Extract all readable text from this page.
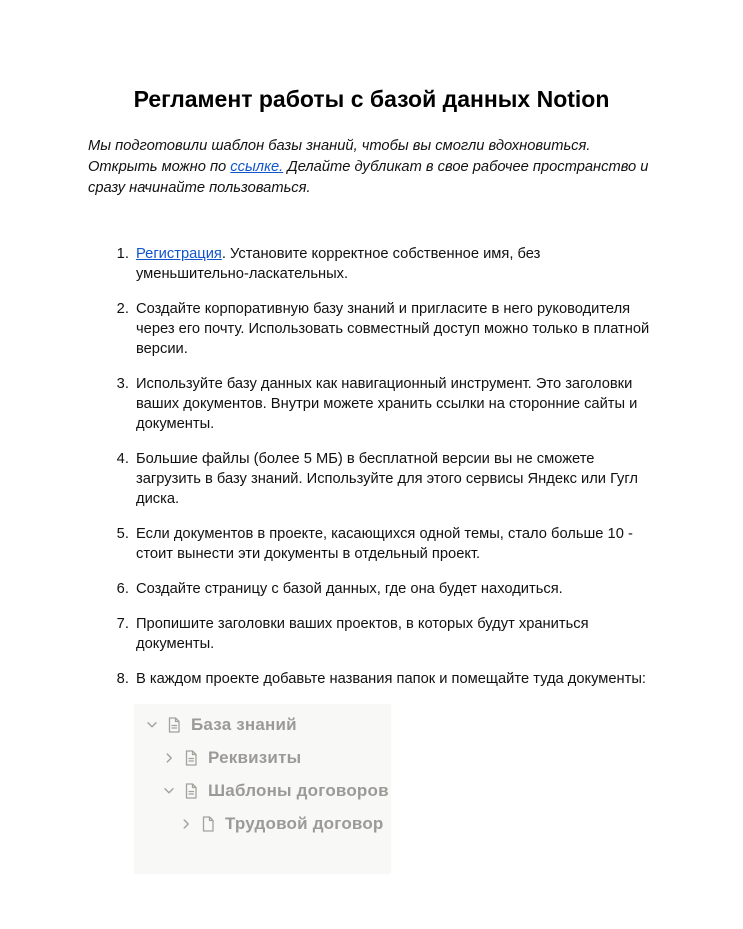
Регламент работы с базой данных Notion

Мы подготовили шаблон базы знаний, чтобы вы смогли вдохновиться. Открыть можно по ссылке. Делайте дубликат в свое рабочее пространство и сразу начинайте пользоваться.

1. Регистрация. Установите корректное собственное имя, без уменьшительно-ласкательных.
2. Создайте корпоративную базу знаний и пригласите в него руководителя через его почту. Использовать совместный доступ можно только в платной версии.
3. Используйте базу данных как навигационный инструмент. Это заголовки ваших документов. Внутри можете хранить ссылки на сторонние сайты и документы.
4. Большие файлы (более 5 МБ) в бесплатной версии вы не сможете загрузить в базу знаний. Используйте для этого сервисы Яндекс или Гугл диска.
5. Если документов в проекте, касающихся одной темы, стало больше 10 - стоит вынести эти документы в отдельный проект.
6. Создайте страницу с базой данных, где она будет находиться.
7. Пропишите заголовки ваших проектов, в которых будут храниться документы.
8. В каждом проекте добавьте названия папок и помещайте туда документы:
База знаний
Реквизиты
Шаблоны договоров
Трудовой договор
